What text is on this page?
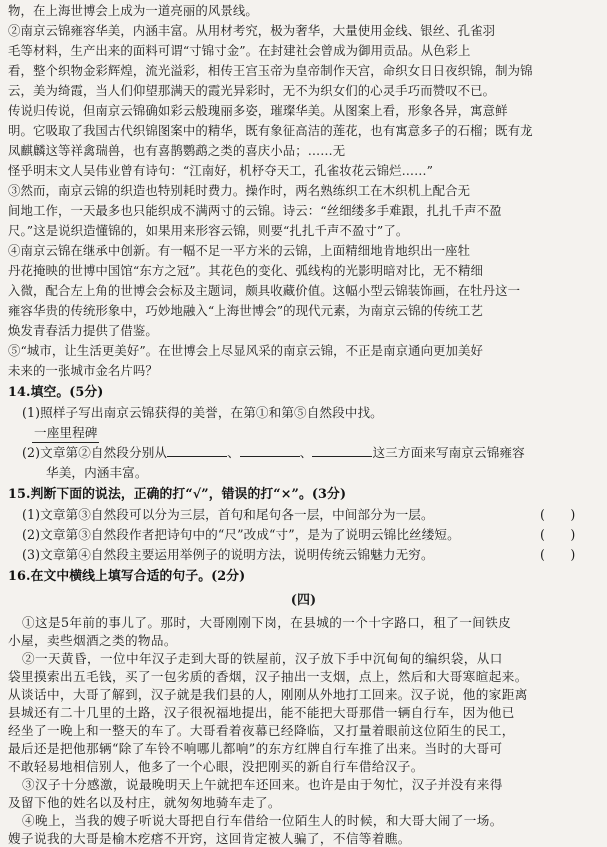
物，在上海世博会上成为一道亮丽的风景线。
②南京云锦雍容华美，内涵丰富。从用材考究，极为奢华，大量使用金线、银丝、孔雀羽
毛等材料，生产出来的面料可谓“寸锦寸金”。在封建社会曾成为御用贡品。从色彩上
看，整个织物金彩辉煌，流光溢彩，相传王宫玉帝为皇帝制作天宫，命织女日日夜织锦，制为锦
云，美为绮霞，当人们仰望那满天的霞光异彩时，无不为织女们的心灵手巧而赞叹不已。
传说归传说，但南京云锦确如彩云般瑰丽多姿，璀璨华美。从图案上看，形象各异，寓意鲜
明。它吸取了我国古代织锦图案中的精华，既有象征高洁的莲花，也有寓意多子的石榴；既有龙
凤麒麟这等祥禽瑞兽，也有喜鹊鹦鹉之类的喜庆小品；……无
怪乎明末文人吴伟业曾有诗句：“江南好，机杼夺天工，孔雀妆花云锦烂……”
③然而，南京云锦的织造也特别耗时费力。操作时，两名熟练织工在木织机上配合无
间地工作，一天最多也只能织成不满两寸的云锦。诗云：“丝细缕多手难跟，扎扎千声不盈
尺。”这是说织造懂锦的，如果用来形容云锦，则要“扎扎千声不盈寸”了。
④南京云锦在继承中创新。有一幅不足一平方米的云锦，上面精细地肯地织出一座牡
丹花掩映的世博中国馆“东方之冠”。其花色的变化、弧线构的光影明暗对比，无不精细
入微，配合左上角的世博会会标及主题词，颇具收藏价值。这幅小型云锦装饰画，在牡丹这一
雍容华贵的传统形象中，巧妙地融入“上海世博会”的现代元素，为南京云锦的传统工艺
焕发青春活力提供了借鉴。
⑤“城市，让生活更美好”。在世博会上尽显风采的南京云锦，不正是南京通向更加美好
未来的一张城市金名片吗？
14.填空。(5分)
(1)照样子写出南京云锦获得的美誉，在第①和第⑤自然段中找。
一座里程碑
(2)文章第②自然段分别从	、	、	这三方面来写南京云锦雍容
华美，内涵丰富。
15.判断下面的说法，正确的打“√”，错误的打“×”。(3分)
(1)文章第③自然段可以分为三层，首句和尾句各一层，中间部分为一层。	(　　)
(2)文章第③自然段作者把诗句中的“尺”改成“寸”，是为了说明云锦比丝缕短。	(　　)
(3)文章第④自然段主要运用举例子的说明方法，说明传统云锦魅力无穷。	(　　)
16.在文中横线上填写合适的句子。(2分)
(四)
①这是5年前的事儿了。那时，大哥刚刚下岗，在县城的一个十字路口，租了一间铁皮
小屋，卖些烟酒之类的物品。
②一天黄昏，一位中年汉子走到大哥的铁屋前，汉子放下手中沉甸甸的编织袋，从口
袋里摸索出五毛钱，买了一包劣质的香烟，汉子抽出一支烟，点上，然后和大哥寒暄起来。
从谈话中，大哥了解到，汉子就是我们县的人，刚刚从外地打工回来。汉子说，他的家距离
县城还有二十几里的土路，汉子很祝福地提出，能不能把大哥那借一辆自行车，因为他已
经坐了一晚上和一整天的车了。大哥看着夜幕已经降临，又打量着眼前这位陌生的民工，
最后还是把他那辆“除了车铃不响哪儿都响”的东方红牌自行车推了出来。当时的大哥可
不敢轻易地相信别人，他多了一个心眼，没把刚买的新自行车借给汉子。
③汉子十分感激，说最晚明天上午就把车还回来。也许是由于匆忙，汉子并没有来得
及留下他的姓名以及村庄，就匆匆地骑车走了。
④晚上，当我的嫂子听说大哥把自行车借给一位陌生人的时候，和大哥大闹了一场。
嫂子说我的大哥是榆木疙瘩不开窍，这回肯定被人骗了，不信等着瞧。
